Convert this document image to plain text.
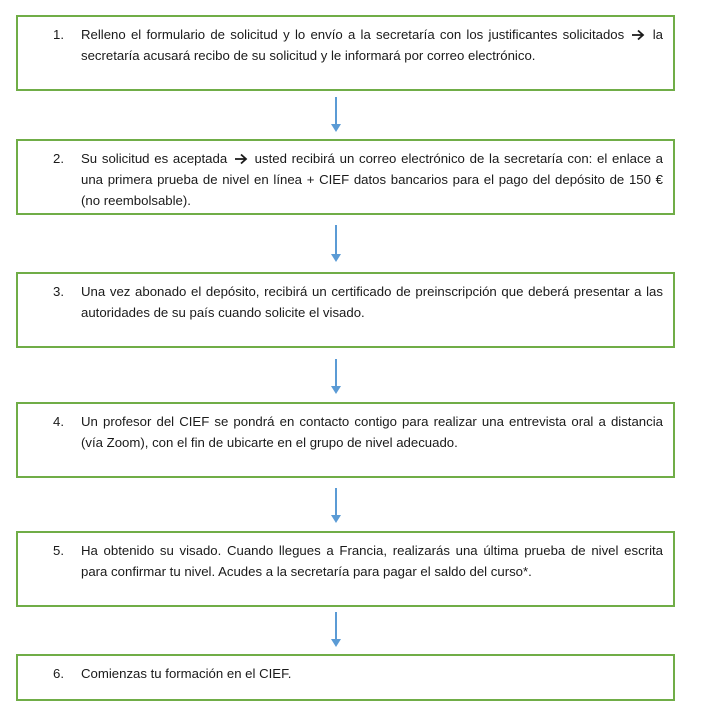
1.	Relleno el formulario de solicitud y lo envío a la secretaría con los justificantes solicitados la secretaría acusará recibo de su solicitud y le informará por correo electrónico.
2.	Su solicitud es aceptada usted recibirá un correo electrónico de la secretaría con: el enlace a una primera prueba de nivel en línea + CIEF datos bancarios para el pago del depósito de 150 € (no reembolsable).
3.	Una vez abonado el depósito, recibirá un certificado de preinscripción que deberá presentar a las autoridades de su país cuando solicite el visado.
4.	Un profesor del CIEF se pondrá en contacto contigo para realizar una entrevista oral a distancia (vía Zoom), con el fin de ubicarte en el grupo de nivel adecuado.
5.	Ha obtenido su visado. Cuando llegues a Francia, realizarás una última prueba de nivel escrita para confirmar tu nivel. Acudes a la secretaría para pagar el saldo del curso*.
6.	Comienzas tu formación en el CIEF.
